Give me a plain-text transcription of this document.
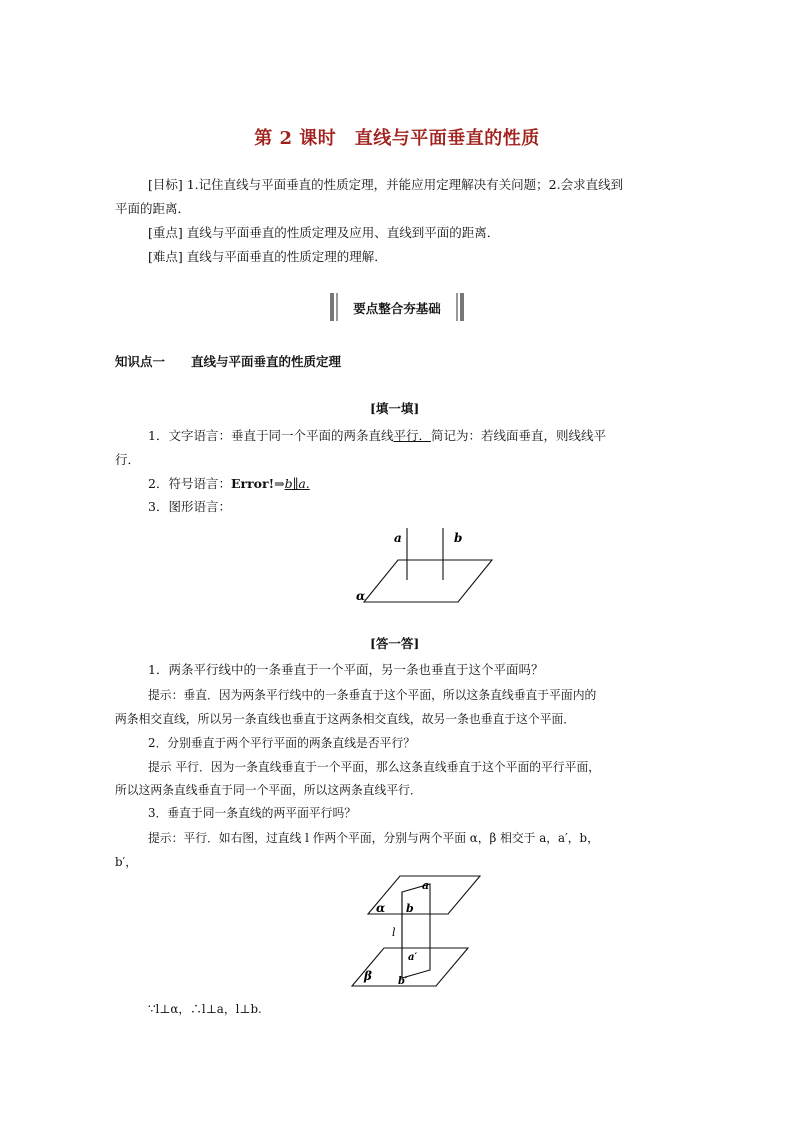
第 2 课时　直线与平面垂直的性质
[目标] 1.记住直线与平面垂直的性质定理，并能应用定理解决有关问题；2.会求直线到
平面的距离．
[重点] 直线与平面垂直的性质定理及应用、直线到平面的距离．
[难点] 直线与平面垂直的性质定理的理解．
要点整合夯基础
知识点一 直线与平面垂直的性质定理
[填一填]
1．文字语言：垂直于同一个平面的两条直线平行．简记为：若线面垂直，则线线平
行．
2．符号语言：Error!⇒b∥a.
3．图形语言：
a	b
α
[答一答]
1．两条平行线中的一条垂直于一个平面，另一条也垂直于这个平面吗？
提示：垂直．因为两条平行线中的一条垂直于这个平面，所以这条直线垂直于平面内的
两条相交直线，所以另一条直线也垂直于这两条相交直线，故另一条也垂直于这个平面．
2．分别垂直于两个平行平面的两条直线是否平行？
提示 平行．因为一条直线垂直于一个平面，那么这条直线垂直于这个平面的平行平面，
所以这两条直线垂直于同一个平面，所以这两条直线平行．
3．垂直于同一条直线的两平面平行吗？
提示：平行．如右图，过直线 l 作两个平面，分别与两个平面 α，β 相交于 a，a′，b，
b′，
a
α b
l
a′
β	b′
∵l⊥α，∴l⊥a，l⊥b.
